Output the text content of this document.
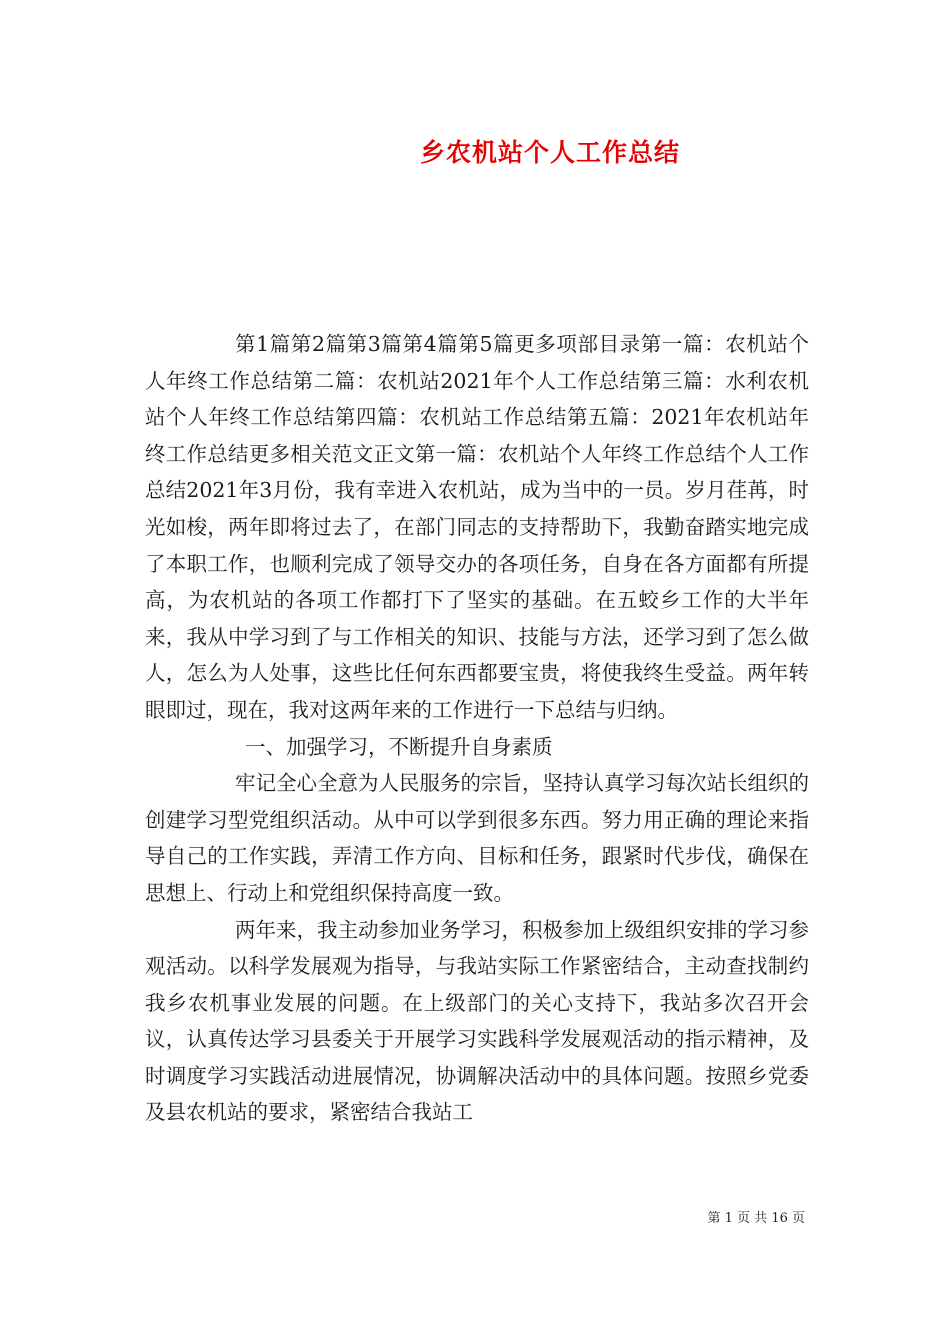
乡农机站个人工作总结

第1篇第2篇第3篇第4篇第5篇更多项部目录第一篇：农机站个人年终工作总结第二篇：农机站2021年个人工作总结第三篇：水利农机站个人年终工作总结第四篇：农机站工作总结第五篇：2021年农机站年终工作总结更多相关范文正文第一篇：农机站个人年终工作总结个人工作总结2021年3月份，我有幸进入农机站，成为当中的一员。岁月荏苒，时光如梭，两年即将过去了，在部门同志的支持帮助下，我勤奋踏实地完成了本职工作，也顺利完成了领导交办的各项任务，自身在各方面都有所提高，为农机站的各项工作都打下了坚实的基础。在五蛟乡工作的大半年来，我从中学习到了与工作相关的知识、技能与方法，还学习到了怎么做人，怎么为人处事，这些比任何东西都要宝贵，将使我终生受益。两年转眼即过，现在，我对这两年来的工作进行一下总结与归纳。

一、加强学习，不断提升自身素质

牢记全心全意为人民服务的宗旨，坚持认真学习每次站长组织的创建学习型党组织活动。从中可以学到很多东西。努力用正确的理论来指导自己的工作实践，弄清工作方向、目标和任务，跟紧时代步伐，确保在思想上、行动上和党组织保持高度一致。

两年来，我主动参加业务学习，积极参加上级组织安排的学习参观活动。以科学发展观为指导，与我站实际工作紧密结合，主动查找制约我乡农机事业发展的问题。在上级部门的关心支持下，我站多次召开会议，认真传达学习县委关于开展学习实践科学发展观活动的指示精神，及时调度学习实践活动进展情况，协调解决活动中的具体问题。按照乡党委及县农机站的要求，紧密结合我站工

第 1 页 共 16 页
